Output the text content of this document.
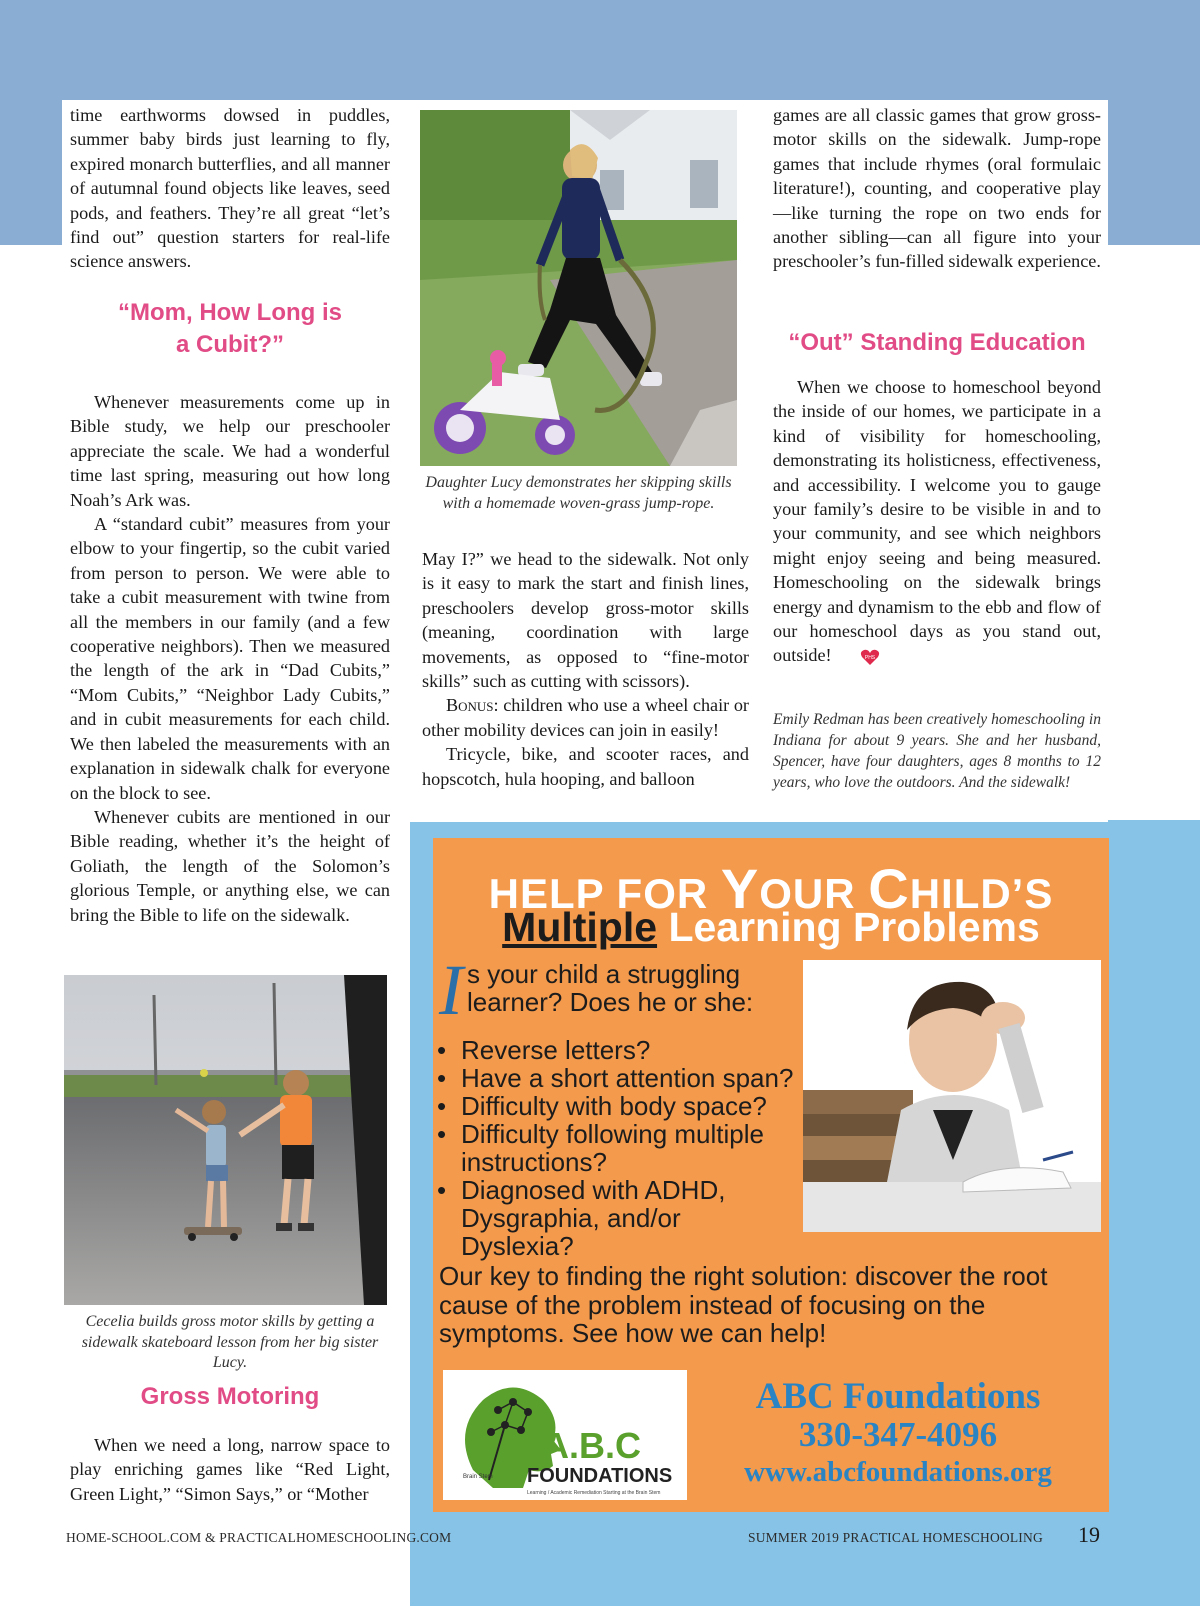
time earthworms dowsed in puddles, summer baby birds just learning to fly, expired monarch butterflies, and all manner of autumnal found objects like leaves, seed pods, and feathers. They’re all great “let’s find out” question starters for real-life science answers.

“Mom, How Long is
a Cubit?”

Whenever measurements come up in Bible study, we help our preschooler appreciate the scale. We had a wonderful time last spring, measuring out how long Noah’s Ark was.

A “standard cubit” measures from your elbow to your fingertip, so the cubit varied from person to person. We were able to take a cubit measurement with twine from all the members in our family (and a few cooperative neighbors). Then we measured the length of the ark in “Dad Cubits,” “Mom Cubits,” “Neighbor Lady Cubits,” and in cubit measurements for each child. We then labeled the measurements with an explanation in sidewalk chalk for everyone on the block to see.

Whenever cubits are mentioned in our Bible reading, whether it’s the height of Goliath, the length of the Solomon’s glorious Temple, or anything else, we can bring the Bible to life on the sidewalk.

Cecelia builds gross motor skills by getting a sidewalk skateboard lesson from her big sister Lucy.
Gross Motoring

When we need a long, narrow space to play enriching games like “Red Light, Green Light,” “Simon Says,” or “Mother

Daughter Lucy demonstrates her skipping skills with a homemade woven-grass jump-rope.

May I?” we head to the sidewalk. Not only is it easy to mark the start and finish lines, preschoolers develop gross-motor skills (meaning, coordination with large movements, as opposed to “fine-motor skills” such as cutting with scissors).

Bonus: children who use a wheel chair or other mobility devices can join in easily!

Tricycle, bike, and scooter races, and hopscotch, hula hooping, and balloon

games are all classic games that grow gross-motor skills on the sidewalk. Jump-rope games that include rhymes (oral formulaic literature!), counting, and cooperative play—like turning the rope on two ends for another sibling—can all figure into your preschooler’s fun-filled sidewalk experience.

“Out” Standing Education

When we choose to homeschool beyond the inside of our homes, we participate in a kind of visibility for homeschooling, demonstrating its holisticness, effectiveness, and accessibility. I welcome you to gauge your family’s desire to be visible in and to your community, and see which neighbors might enjoy seeing and being measured. Homeschooling on the sidewalk brings energy and dynamism to the ebb and flow of our homeschool days as you stand out, outside!	PHS

Emily Redman has been creatively homeschooling in Indiana for about 9 years. She and her husband, Spencer, have four daughters, ages 8 months to 12 years, who love the outdoors. And the sidewalk!
HELP FOR YOUR CHILD’S
Multiple Learning Problems
Is your child a struggling learner? Does he or she:
• Reverse letters?
• Have a short attention span?
• Difficulty with body space?
• Difficulty following multiple instructions?
• Diagnosed with ADHD, Dysgraphia, and/or Dyslexia?
Our key to finding the right solution: discover the root cause of the problem instead of focusing on the symptoms. See how we can help!
Brain Stem
A.B.C
FOUNDATIONS
Learning / Academic Remediation Starting at the Brain Stem
ABC Foundations
330-347-4096
www.abcfoundations.org
HOME-SCHOOL.COM & PRACTICALHOMESCHOOLING.COM	SUMMER 2019 PRACTICAL HOMESCHOOLING 19
